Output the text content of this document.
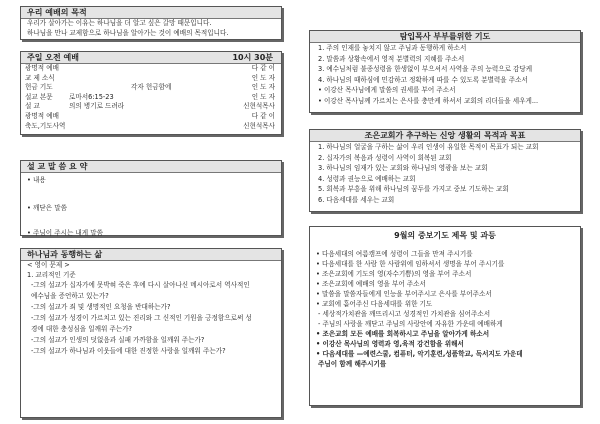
우리 예배의 목적
우리가 살아가는 이유는 하나님을 더 알고 싶은 갈망 때문입니다.
하나님을 만나 교제함으로 하나님을 알아가는 것이 예배의 목적입니다.
주일 오전 예배	10시 30분
광명적 예배	다 같 이
교 제 소식	인 도 자
헌금 기도	각자 헌금함에	인 도 자
설교 본문 로마서6:15-23	인 도 자
설 교	의의 병기로 드려라	신현석목사
광명적 예배	다 같 이
축도,기도사역	신현석목사
설 교 말 씀 요 약
• 내용
• 깨닫은 말씀
• 주님이 주시는 내게 말씀
하나님과 동행하는 삶
< 영이 문제 >
1. 교리적인 기준
-그의 설교가 십자가에 못박혀 죽은 후에 다시 살아나신 메시아로서 역사적인
예수님을 증언하고 있는가?
-그의 설교가 죄 및 생명적인 요청을 반대하는가?
-그의 설교가 성경이 가르치고 있는 진리와 그 신적인 기원을 긍정함으로써 성
경에 대한 충성심을 일깨워 주는가?
-그의 설교가 인생의 덧없음과 실패 가까함을 일깨워 주는가?
-그의 설교가 하나님과 이웃들에 대한 진정한 사랑을 일깨워 주는가?
탐입목사 부부를위한 기도
1. 주의 인재를 놓치지 않고 주님과 동행하게 하소서
2. 말씀과 상황속에서 영적 분별력의 지혜를 주소서
3. 예수님처럼 불종성령을 한생없이 부으셔서 사역을 주의 능력으로 감당케
4. 하나님의 때하심에 민감하고 정확하게 따를 수 있도록 분별력을 주소서
• 이강산 목사님에게 말씀의 권세를 부어 주소서
• 이강산 목사님께 가르치는 은사를 충만케 하셔서 교회의 리더들을 세우게...
조은교회가 추구하는 신앙 생활의 목적과 목표
1. 하나님의 얼굴을 구하는 삶이 우리 인생이 유일한 목적이 목표가 되는 교회
2. 십자가의 복음과 성령이 사역이 회복된 교회
3. 하나님의 임재가 있는 교회와 하나님의 영광을 보는 교회
4. 성령과 권능으로 예배하는 교회
5. 회복과 부흥을 위해 하나님의 꿈두를 가지고 중보 기도하는 교회
6. 다음세대를 세우는 교회
9월의 중보기도 제목 및 과등
• 다음세대의 여름캠프에 성령이 그들을 만져 주시기를
• 다음세대를 한 사람 한 사람위에 임하셔서 생명을 부어 주시기를
• 조은교회에 기도의 영(자수기쁨)의 영을 부어 주소서
• 조은교회에 예배의 영을 부어 주소서
• 말씀을 말씀자들에게 인능을 부어주시고 은사를 부어주소서
• 교회에 흩어주신 다음세대를 위한 기도
- 세상적가치관을 깨뜨리시고 성경적인 가치관을 심어주소서
- 주님의 사랑을 깨닫고 주님의 사랑안에 자유한 가운데 예배하게
• 조은교회 모든 예배를 회복하시고 주님을 알아가게 하소서
• 이강산 목사님의 영력과 영,육적 강건함을 위해서
• 다음세대를 —예련스쿨, 컴퓨터, 악기훈련,성품학교, 독서지도 가운데
주님이 함께 해주시기를
